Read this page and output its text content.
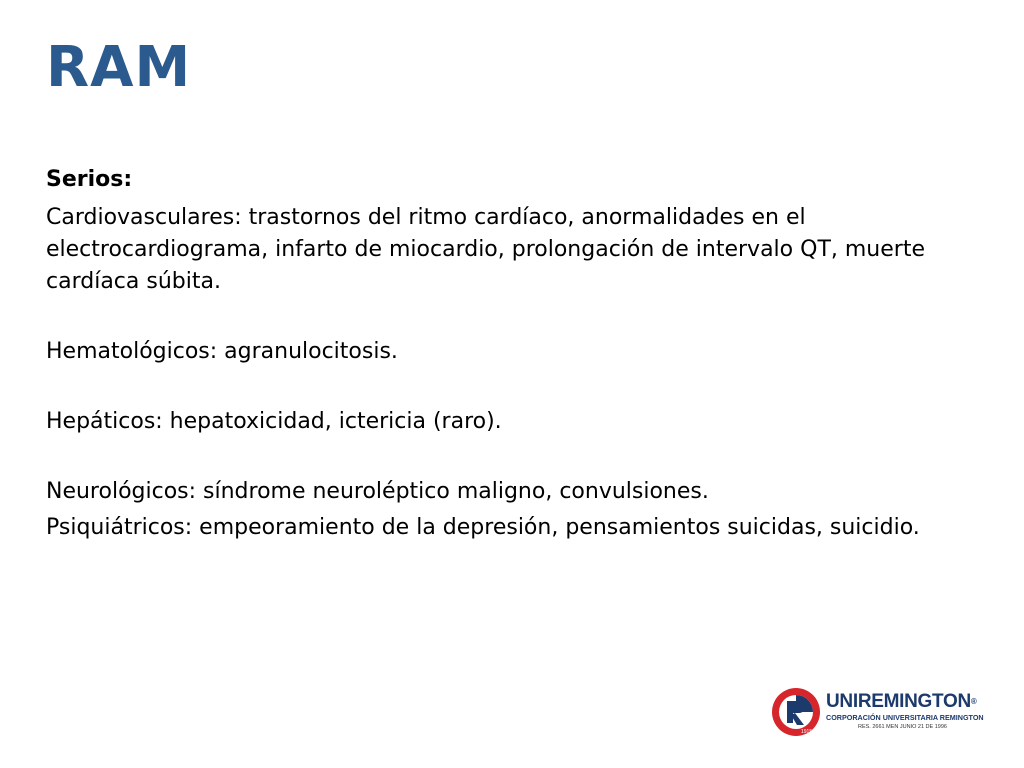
RAM

Serios:

Cardiovasculares: trastornos del ritmo cardíaco, anormalidades en el electrocardiograma, infarto de miocardio, prolongación de intervalo QT, muerte cardíaca súbita.

Hematológicos: agranulocitosis.

Hepáticos: hepatoxicidad, ictericia (raro).

Neurológicos: síndrome neuroléptico maligno, convulsiones.

Psiquiátricos: empeoramiento de la depresión, pensamientos suicidas, suicidio.

1915
UNIREMINGTON®
CORPORACIÓN UNIVERSITARIA REMINGTON
RES. 2661 MEN JUNIO 21 DE 1996
